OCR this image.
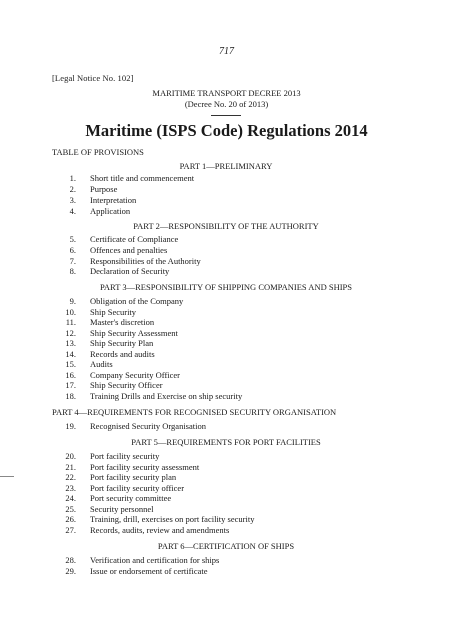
717
[Legal Notice No. 102]
MARITIME TRANSPORT DECREE 2013
(Decree No. 20 of 2013)
Maritime (ISPS Code) Regulations 2014
TABLE OF PROVISIONS
PART 1—PRELIMINARY
1. Short title and commencement
2. Purpose
3. Interpretation
4. Application
PART 2—RESPONSIBILITY OF THE AUTHORITY
5. Certificate of Compliance
6. Offences and penalties
7. Responsibilities of the Authority
8. Declaration of Security
PART 3—RESPONSIBILITY OF SHIPPING COMPANIES AND SHIPS
9. Obligation of the Company
10. Ship Security
11. Master's discretion
12. Ship Security Assessment
13. Ship Security Plan
14. Records and audits
15. Audits
16. Company Security Officer
17. Ship Security Officer
18. Training Drills and Exercise on ship security
PART 4—REQUIREMENTS FOR RECOGNISED SECURITY ORGANISATION
19. Recognised Security Organisation
PART 5—REQUIREMENTS FOR PORT FACILITIES
20. Port facility security
21. Port facility security assessment
22. Port facility security plan
23. Port facility security officer
24. Port security committee
25. Security personnel
26. Training, drill, exercises on port facility security
27. Records, audits, review and amendments
PART 6—CERTIFICATION OF SHIPS
28. Verification and certification for ships
29. Issue or endorsement of certificate
